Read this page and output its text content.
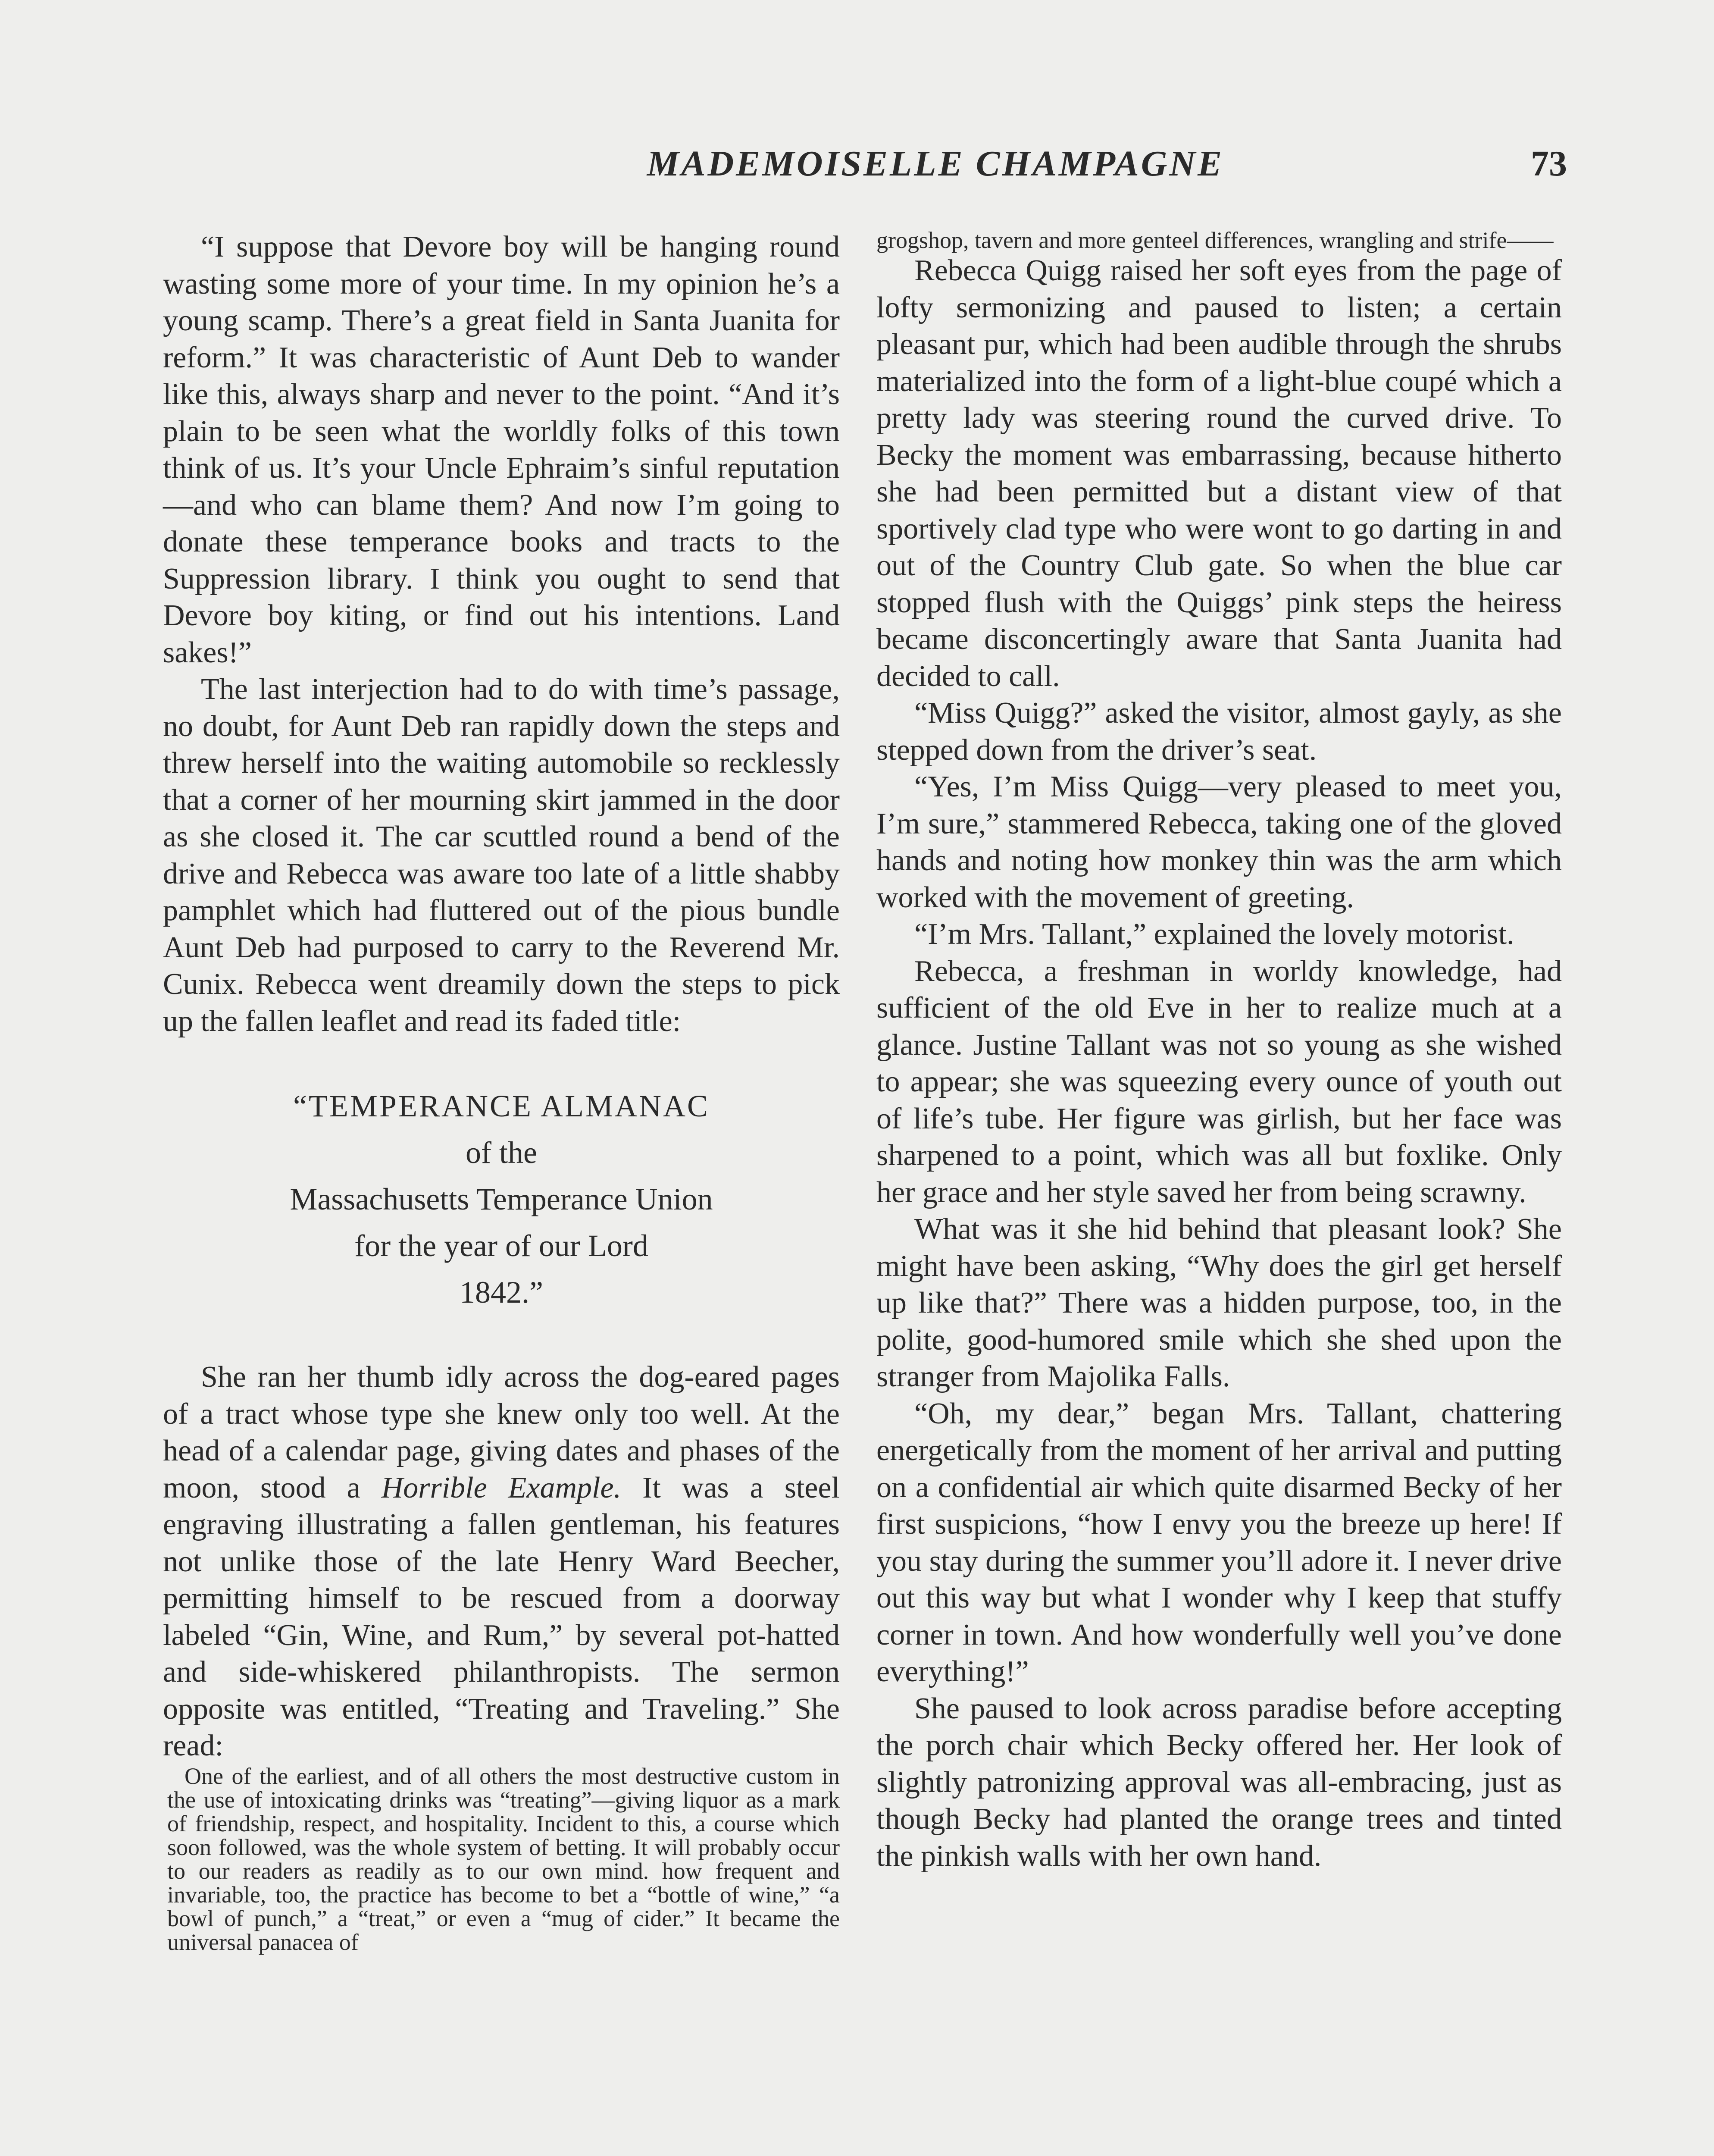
MADEMOISELLE CHAMPAGNE	73

“I suppose that Devore boy will be hanging round wasting some more of your time. In my opinion he’s a young scamp. There’s a great field in Santa Juanita for reform.” It was characteristic of Aunt Deb to wander like this, always sharp and never to the point. “And it’s plain to be seen what the worldly folks of this town think of us. It’s your Uncle Ephraim’s sinful reputation—and who can blame them? And now I’m going to donate these temperance books and tracts to the Suppression library. I think you ought to send that Devore boy kiting, or find out his intentions. Land sakes!”

The last interjection had to do with time’s passage, no doubt, for Aunt Deb ran rapidly down the steps and threw herself into the waiting automobile so recklessly that a corner of her mourning skirt jammed in the door as she closed it. The car scuttled round a bend of the drive and Rebecca was aware too late of a little shabby pamphlet which had fluttered out of the pious bundle Aunt Deb had purposed to carry to the Reverend Mr. Cunix. Rebecca went dreamily down the steps to pick up the fallen leaflet and read its faded title:

“TEMPERANCE ALMANAC
of the
Massachusetts Temperance Union
for the year of our Lord
1842.”

She ran her thumb idly across the dog-eared pages of a tract whose type she knew only too well. At the head of a calendar page, giving dates and phases of the moon, stood a Horrible Example. It was a steel engraving illustrating a fallen gentleman, his features not unlike those of the late Henry Ward Beecher, permitting himself to be rescued from a doorway labeled “Gin, Wine, and Rum,” by several pot-hatted and side-whiskered philanthropists. The sermon opposite was entitled, “Treating and Traveling.” She read:

One of the earliest, and of all others the most destructive custom in the use of intoxicating drinks was “treating”—giving liquor as a mark of friendship, respect, and hospitality. Incident to this, a course which soon followed, was the whole system of betting. It will probably occur to our readers as readily as to our own mind. how frequent and invariable, too, the practice has become to bet a “bottle of wine,” “a bowl of punch,” a “treat,” or even a “mug of cider.” It became the universal panacea of

grogshop, tavern and more genteel differences, wrangling and strife——

Rebecca Quigg raised her soft eyes from the page of lofty sermonizing and paused to listen; a certain pleasant pur, which had been audible through the shrubs materialized into the form of a light-blue coupé which a pretty lady was steering round the curved drive. To Becky the moment was embarrassing, because hitherto she had been permitted but a distant view of that sportively clad type who were wont to go darting in and out of the Country Club gate. So when the blue car stopped flush with the Quiggs’ pink steps the heiress became disconcertingly aware that Santa Juanita had decided to call.

“Miss Quigg?” asked the visitor, almost gayly, as she stepped down from the driver’s seat.

“Yes, I’m Miss Quigg—very pleased to meet you, I’m sure,” stammered Rebecca, taking one of the gloved hands and noting how monkey thin was the arm which worked with the movement of greeting.

“I’m Mrs. Tallant,” explained the lovely motorist.

Rebecca, a freshman in worldy knowledge, had sufficient of the old Eve in her to realize much at a glance. Justine Tallant was not so young as she wished to appear; she was squeezing every ounce of youth out of life’s tube. Her figure was girlish, but her face was sharpened to a point, which was all but foxlike. Only her grace and her style saved her from being scrawny.

What was it she hid behind that pleasant look? She might have been asking, “Why does the girl get herself up like that?” There was a hidden purpose, too, in the polite, good-humored smile which she shed upon the stranger from Majolika Falls.

“Oh, my dear,” began Mrs. Tallant, chattering energetically from the moment of her arrival and putting on a confidential air which quite disarmed Becky of her first suspicions, “how I envy you the breeze up here! If you stay during the summer you’ll adore it. I never drive out this way but what I wonder why I keep that stuffy corner in town. And how wonderfully well you’ve done everything!”

She paused to look across paradise before accepting the porch chair which Becky offered her. Her look of slightly patronizing approval was all-embracing, just as though Becky had planted the orange trees and tinted the pinkish walls with her own hand.
